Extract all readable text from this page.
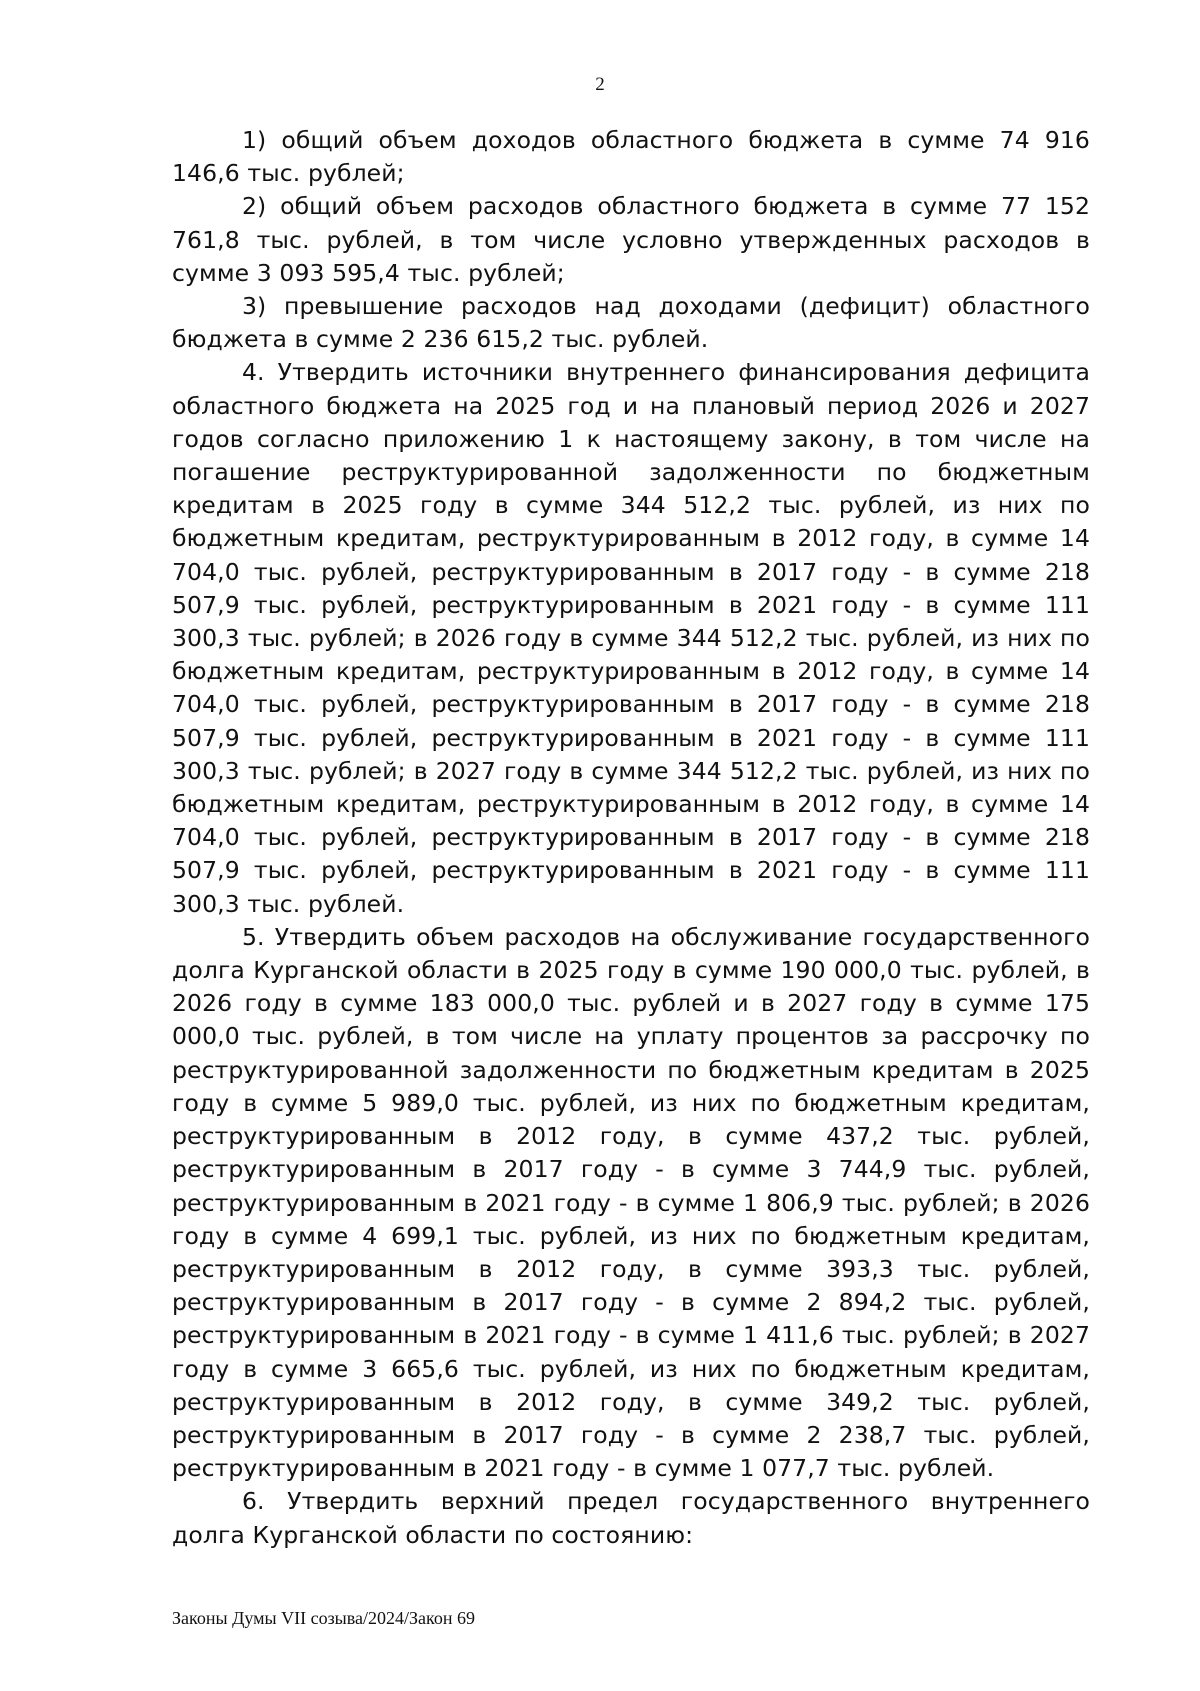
2

1) общий объем доходов областного бюджета в сумме 74 916 146,6 тыс. рублей;

2) общий объем расходов областного бюджета в сумме 77 152 761,8 тыс. рублей, в том числе условно утвержденных расходов в сумме 3 093 595,4 тыс. рублей;

3) превышение расходов над доходами (дефицит) областного бюджета в сумме 2 236 615,2 тыс. рублей.

4. Утвердить источники внутреннего финансирования дефицита областного бюджета на 2025 год и на плановый период 2026 и 2027 годов согласно приложению 1 к настоящему закону, в том числе на погашение реструктурированной задолженности по бюджетным кредитам в 2025 году в сумме 344 512,2 тыс. рублей, из них по бюджетным кредитам, реструктурированным в 2012 году, в сумме 14 704,0 тыс. рублей, реструктурированным в 2017 году - в сумме 218 507,9 тыс. рублей, реструктурированным в 2021 году - в сумме 111 300,3 тыс. рублей; в 2026 году в сумме 344 512,2 тыс. рублей, из них по бюджетным кредитам, реструктурированным в 2012 году, в сумме 14 704,0 тыс. рублей, реструктурированным в 2017 году - в сумме 218 507,9 тыс. рублей, реструктурированным в 2021 году - в сумме 111 300,3 тыс. рублей; в 2027 году в сумме 344 512,2 тыс. рублей, из них по бюджетным кредитам, реструктурированным в 2012 году, в сумме 14 704,0 тыс. рублей, реструктурированным в 2017 году - в сумме 218 507,9 тыс. рублей, реструктурированным в 2021 году - в сумме 111 300,3 тыс. рублей.

5. Утвердить объем расходов на обслуживание государственного долга Курганской области в 2025 году в сумме 190 000,0 тыс. рублей, в 2026 году в сумме 183 000,0 тыс. рублей и в 2027 году в сумме 175 000,0 тыс. рублей, в том числе на уплату процентов за рассрочку по реструктурированной задолженности по бюджетным кредитам в 2025 году в сумме 5 989,0 тыс. рублей, из них по бюджетным кредитам, реструктурированным в 2012 году, в сумме 437,2 тыс. рублей, реструктурированным в 2017 году - в сумме 3 744,9 тыс. рублей, реструктурированным в 2021 году - в сумме 1 806,9 тыс. рублей; в 2026 году в сумме 4 699,1 тыс. рублей, из них по бюджетным кредитам, реструктурированным в 2012 году, в сумме 393,3 тыс. рублей, реструктурированным в 2017 году - в сумме 2 894,2 тыс. рублей, реструктурированным в 2021 году - в сумме 1 411,6 тыс. рублей; в 2027 году в сумме 3 665,6 тыс. рублей, из них по бюджетным кредитам, реструктурированным в 2012 году, в сумме 349,2 тыс. рублей, реструктурированным в 2017 году - в сумме 2 238,7 тыс. рублей, реструктурированным в 2021 году - в сумме 1 077,7 тыс. рублей.

6. Утвердить верхний предел государственного внутреннего долга Курганской области по состоянию:

Законы Думы VII созыва/2024/Закон 69
